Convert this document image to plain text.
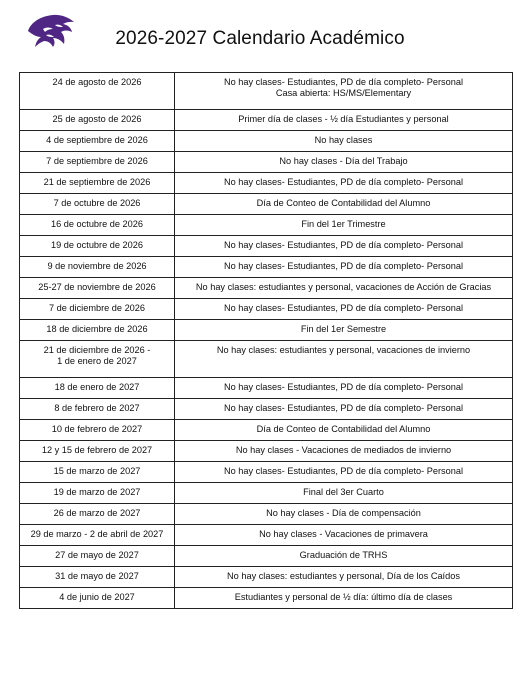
2026-2027 Calendario Académico
24 de agosto de 2026	No hay clases- Estudiantes, PD de día completo- Personal
Casa abierta: HS/MS/Elementary

25 de agosto de 2026	Primer día de clases - ½ día Estudiantes y personal

4 de septiembre de 2026	No hay clases

7 de septiembre de 2026	No hay clases - Día del Trabajo

21 de septiembre de 2026	No hay clases- Estudiantes, PD de día completo- Personal

7 de octubre de 2026	Día de Conteo de Contabilidad del Alumno

16 de octubre de 2026	Fin del 1er Trimestre

19 de octubre de 2026	No hay clases- Estudiantes, PD de día completo- Personal

9 de noviembre de 2026	No hay clases- Estudiantes, PD de día completo- Personal

25-27 de noviembre de 2026	No hay clases: estudiantes y personal, vacaciones de Acción de Gracias

7 de diciembre de 2026	No hay clases- Estudiantes, PD de día completo- Personal

18 de diciembre de 2026	Fin del 1er Semestre

21 de diciembre de 2026 -
1 de enero de 2027	No hay clases: estudiantes y personal, vacaciones de invierno

18 de enero de 2027	No hay clases- Estudiantes, PD de día completo- Personal

8 de febrero de 2027	No hay clases- Estudiantes, PD de día completo- Personal

10 de febrero de 2027	Día de Conteo de Contabilidad del Alumno

12 y 15 de febrero de 2027	No hay clases - Vacaciones de mediados de invierno

15 de marzo de 2027	No hay clases- Estudiantes, PD de día completo- Personal

19 de marzo de 2027	Final del 3er Cuarto

26 de marzo de 2027	No hay clases - Día de compensación

29 de marzo - 2 de abril de 2027	No hay clases - Vacaciones de primavera

27 de mayo de 2027	Graduación de TRHS

31 de mayo de 2027	No hay clases: estudiantes y personal, Día de los Caídos

4 de junio de 2027	Estudiantes y personal de ½ día: último día de clases
